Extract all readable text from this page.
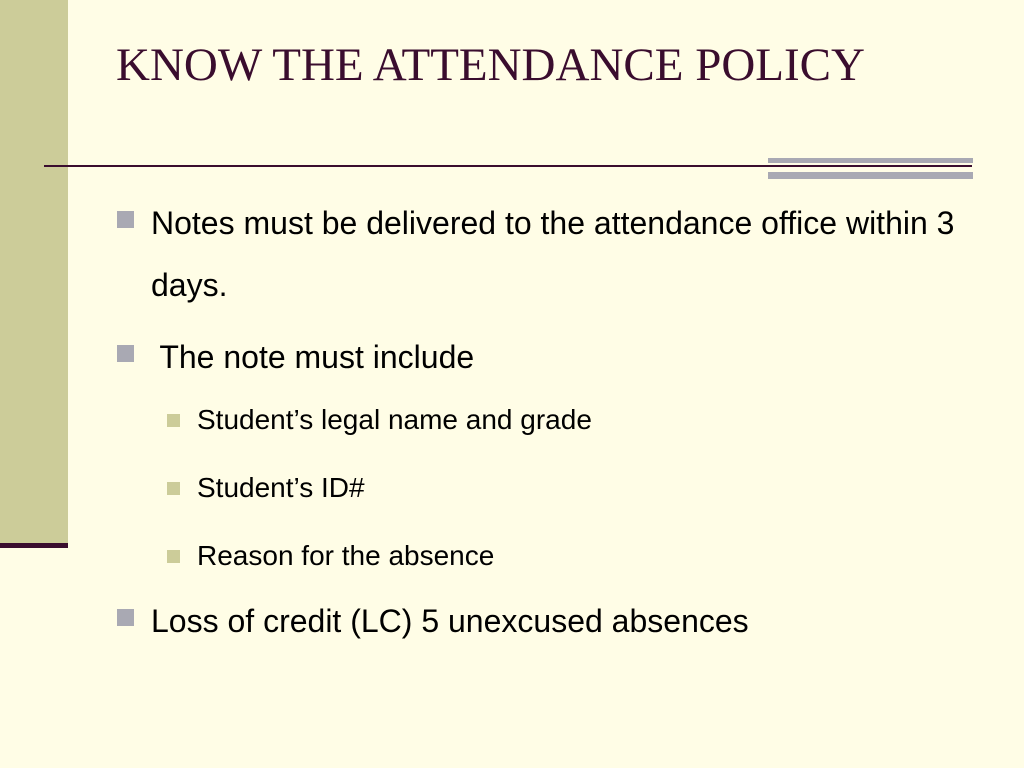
KNOW THE ATTENDANCE POLICY
Notes must be delivered to the attendance office within 3 days.
The note must include
Student’s legal name and grade
Student’s ID#
Reason for the absence
Loss of credit (LC) 5 unexcused absences
